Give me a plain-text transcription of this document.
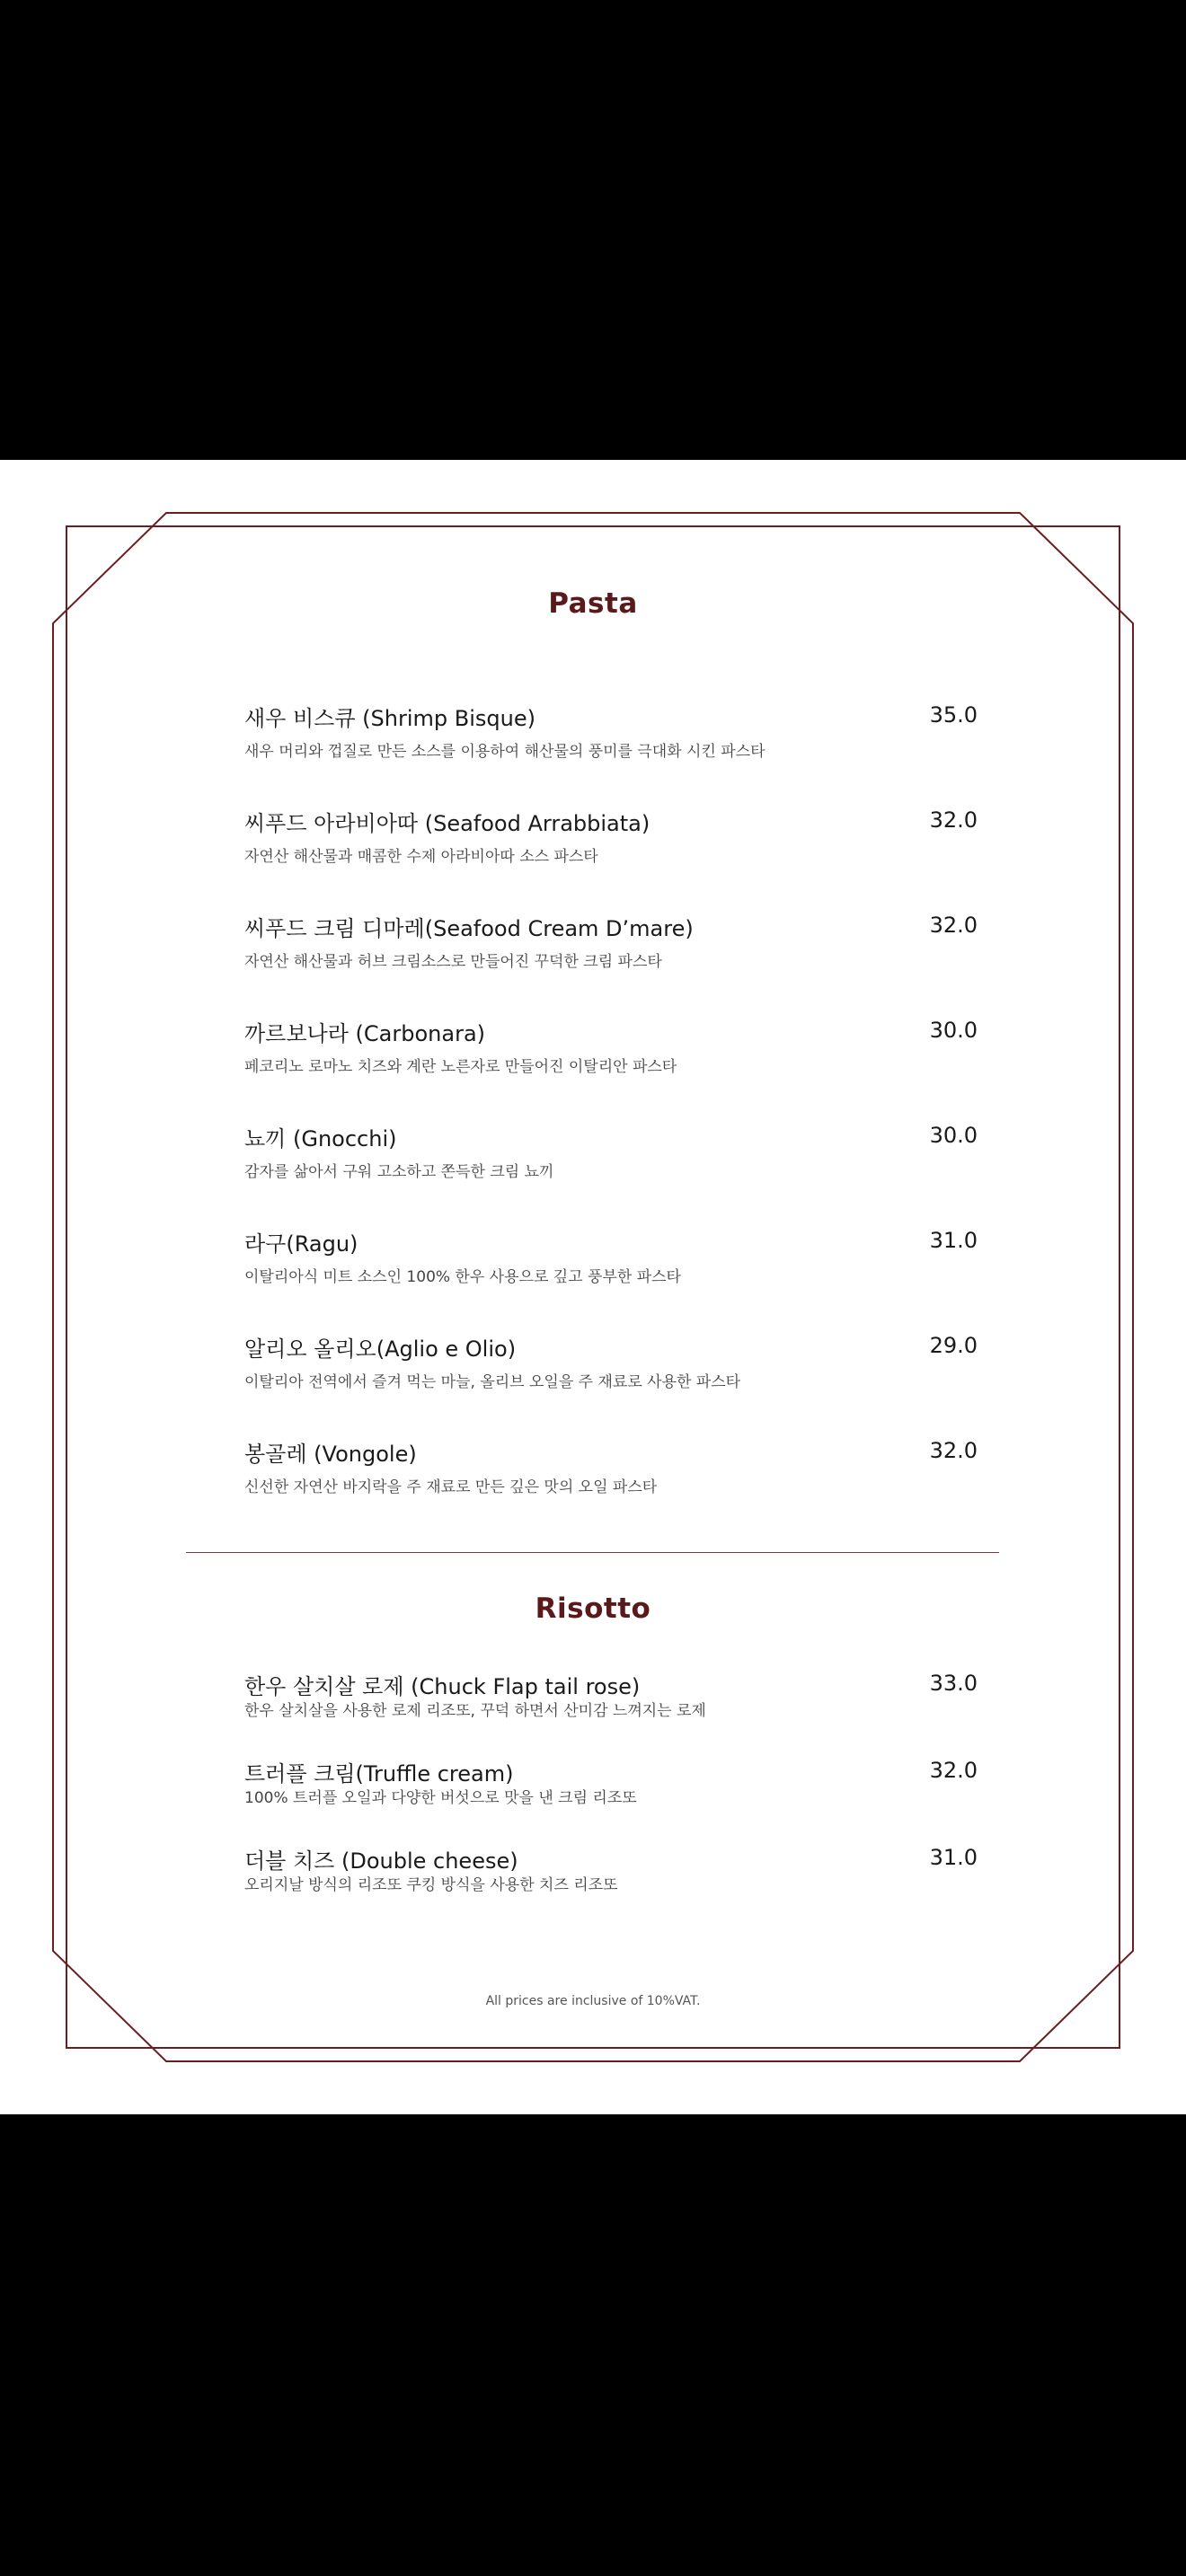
Pasta
새우 비스큐 (Shrimp Bisque)	35.0
새우 머리와 껍질로 만든 소스를 이용하여 해산물의 풍미를 극대화 시킨 파스타
씨푸드 아라비아따 (Seafood Arrabbiata)	32.0
자연산 해산물과 매콤한 수제 아라비아따 소스 파스타
씨푸드 크림 디마레(Seafood Cream D’mare)	32.0
자연산 해산물과 허브 크림소스로 만들어진 꾸덕한 크림 파스타
까르보나라 (Carbonara)	30.0
페코리노 로마노 치즈와 계란 노른자로 만들어진 이탈리안 파스타
뇨끼 (Gnocchi)	30.0
감자를 삶아서 구워 고소하고 쫀득한 크림 뇨끼
라구(Ragu)	31.0
이탈리아식 미트 소스인 100% 한우 사용으로 깊고 풍부한 파스타
알리오 올리오(Aglio e Olio)	29.0
이탈리아 전역에서 즐겨 먹는 마늘, 올리브 오일을 주 재료로 사용한 파스타
봉골레 (Vongole)	32.0
신선한 자연산 바지락을 주 재료로 만든 깊은 맛의 오일 파스타
Risotto
한우 살치살 로제 (Chuck Flap tail rose)	33.0
한우 살치살을 사용한 로제 리조또, 꾸덕 하면서 산미감 느껴지는 로제
트러플 크림(Truffle cream)	32.0
100% 트러플 오일과 다양한 버섯으로 맛을 낸 크림 리조또
더블 치즈 (Double cheese)	31.0
오리지날 방식의 리조또 쿠킹 방식을 사용한 치즈 리조또
All prices are inclusive of 10%VAT.
